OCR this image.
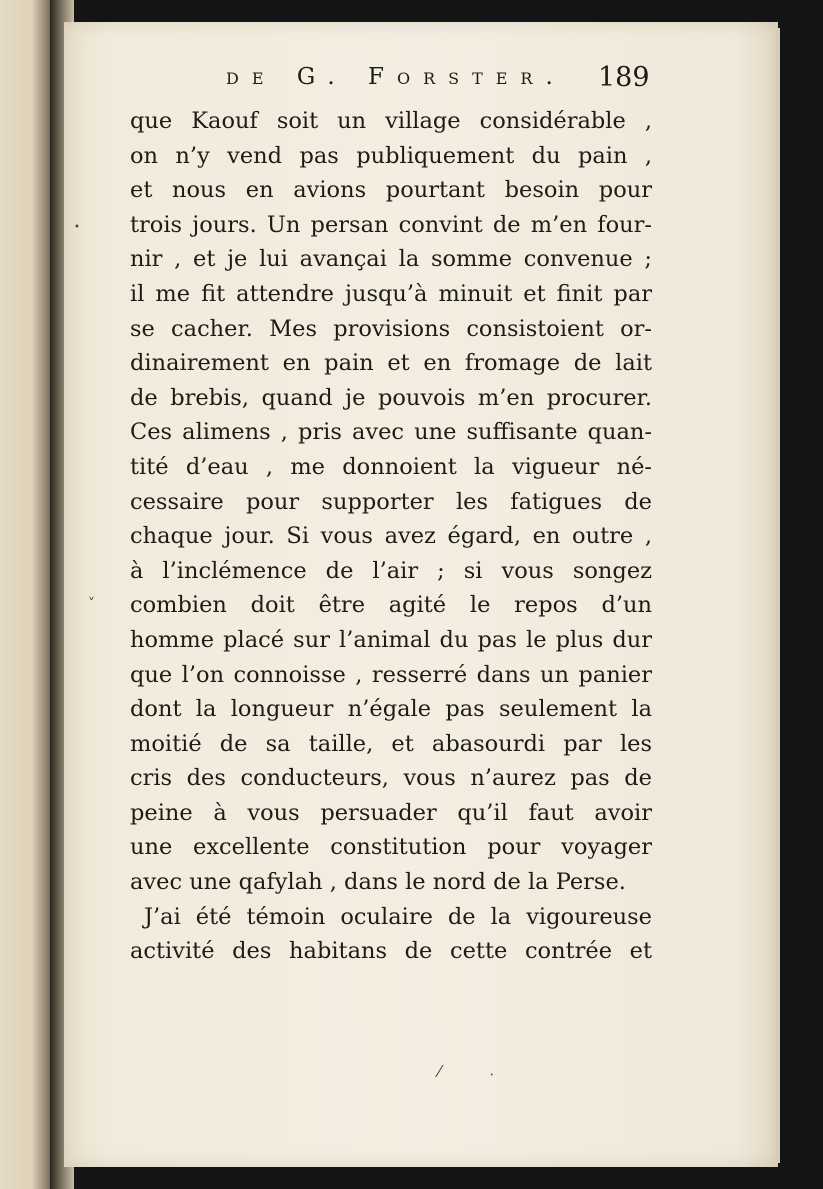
de G. Forster. 189
que Kaouf soit un village considérable ,
on n’y vend pas publiquement du pain ,
et nous en avions pourtant besoin pour
trois jours. Un persan convint de m’en four-
nir , et je lui avançai la somme convenue ;
il me fit attendre jusqu’à minuit et finit par
se cacher. Mes provisions consistoient or-
dinairement en pain et en fromage de lait
de brebis, quand je pouvois m’en procurer.
Ces alimens , pris avec une suffisante quan-
tité d’eau , me donnoient la vigueur né-
cessaire pour supporter les fatigues de
chaque jour. Si vous avez égard, en outre ,
à l’inclémence de l’air ; si vous songez
combien doit être agité le repos d’un
homme placé sur l’animal du pas le plus dur
que l’on connoisse , resserré dans un panier
dont la longueur n’égale pas seulement la
moitié de sa taille, et abasourdi par les
cris des conducteurs, vous n’aurez pas de
peine à vous persuader qu’il faut avoir
une excellente constitution pour voyager
avec une qafylah , dans le nord de la Perse.
J’ai été témoin oculaire de la vigoureuse
activité des habitans de cette contrée et
•
˅
⁄	•
